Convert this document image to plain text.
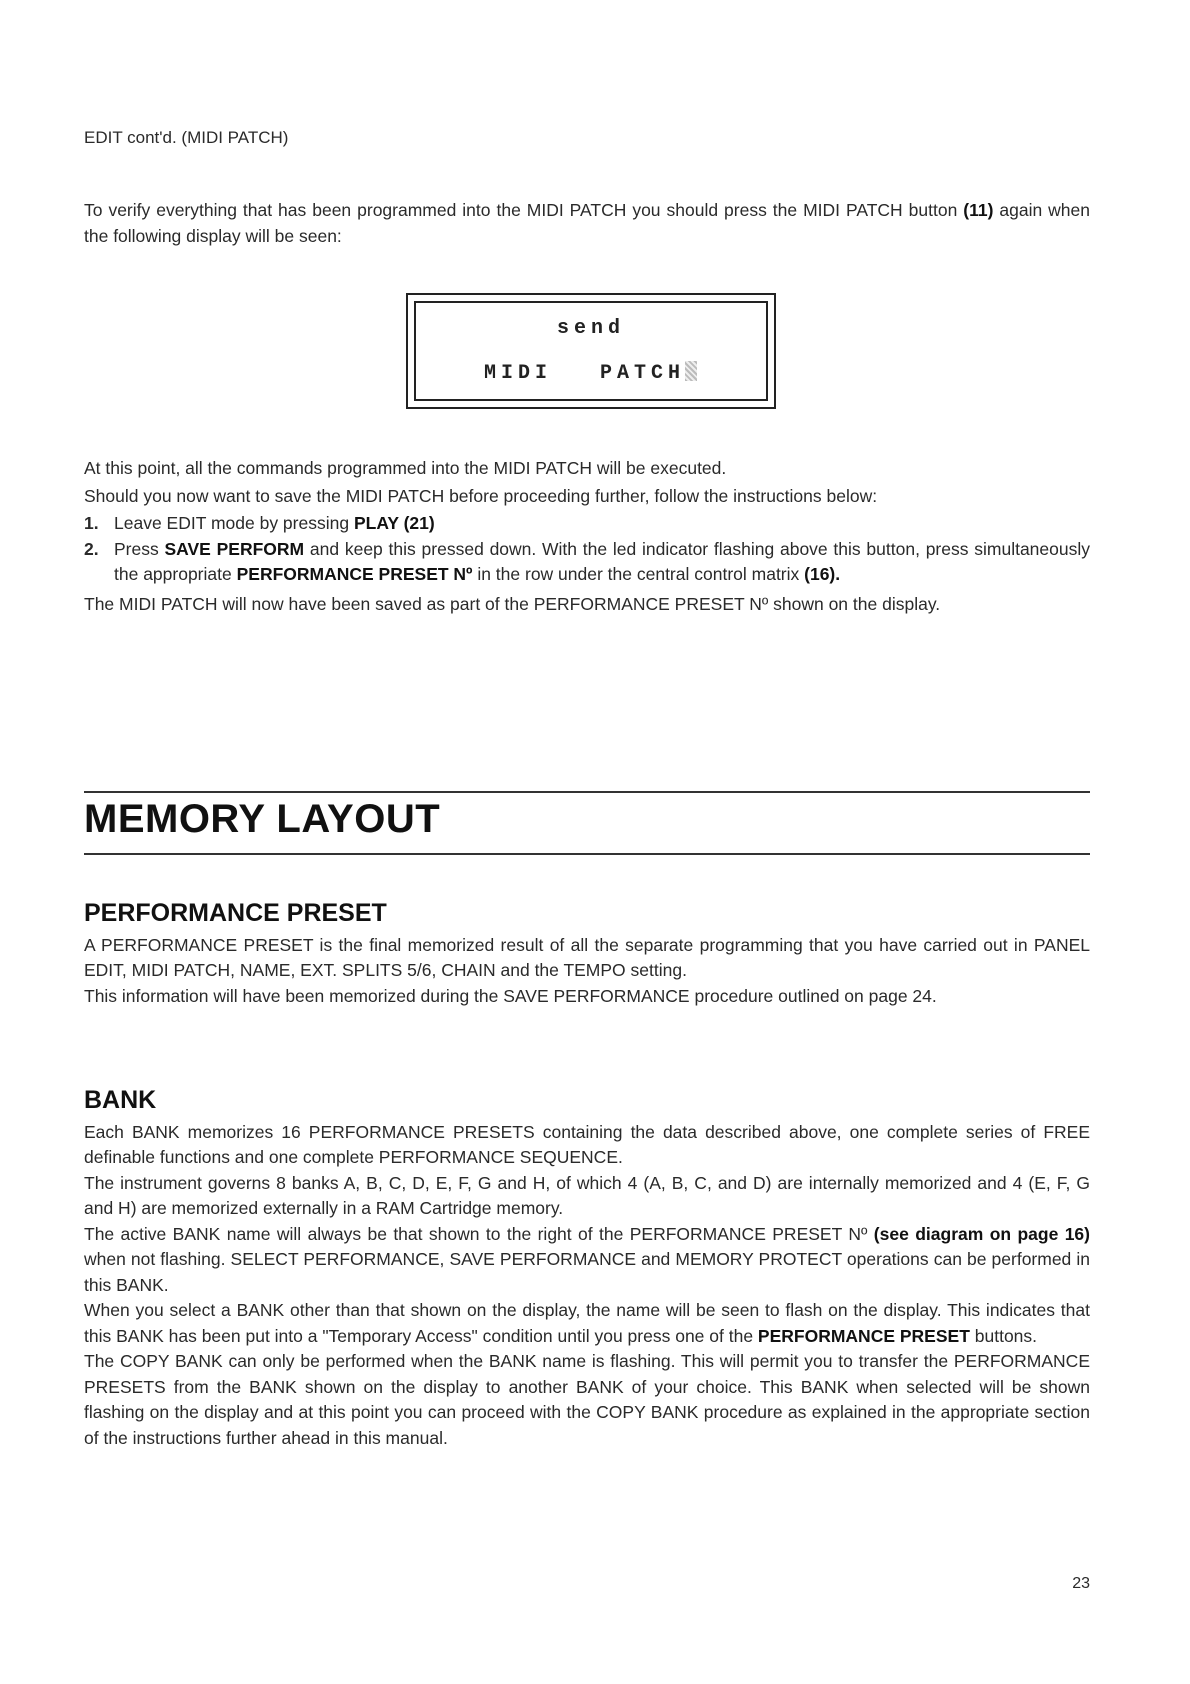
EDIT cont'd. (MIDI PATCH)

To verify everything that has been programmed into the MIDI PATCH you should press the MIDI PATCH button (11) again when the following display will be seen:

send
MIDI PATCH

At this point, all the commands programmed into the MIDI PATCH will be executed.

Should you now want to save the MIDI PATCH before proceeding further, follow the instructions below:

1. Leave EDIT mode by pressing PLAY (21)
2. Press SAVE PERFORM and keep this pressed down. With the led indicator flashing above this button, press simultaneously the appropriate PERFORMANCE PRESET Nº in the row under the central control matrix (16).

The MIDI PATCH will now have been saved as part of the PERFORMANCE PRESET Nº shown on the display.

MEMORY LAYOUT
PERFORMANCE PRESET

A PERFORMANCE PRESET is the final memorized result of all the separate programming that you have carried out in PANEL EDIT, MIDI PATCH, NAME, EXT. SPLITS 5/6, CHAIN and the TEMPO setting.

This information will have been memorized during the SAVE PERFORMANCE procedure outlined on page 24.

BANK

Each BANK memorizes 16 PERFORMANCE PRESETS containing the data described above, one complete series of FREE definable functions and one complete PERFORMANCE SEQUENCE.

The instrument governs 8 banks A, B, C, D, E, F, G and H, of which 4 (A, B, C, and D) are internally memorized and 4 (E, F, G and H) are memorized externally in a RAM Cartridge memory.

The active BANK name will always be that shown to the right of the PERFORMANCE PRESET Nº (see diagram on page 16) when not flashing. SELECT PERFORMANCE, SAVE PERFORMANCE and MEMORY PROTECT operations can be performed in this BANK.

When you select a BANK other than that shown on the display, the name will be seen to flash on the display. This indicates that this BANK has been put into a "Temporary Access" condition until you press one of the PERFORMANCE PRESET buttons.

The COPY BANK can only be performed when the BANK name is flashing. This will permit you to transfer the PERFORMANCE PRESETS from the BANK shown on the display to another BANK of your choice. This BANK when selected will be shown flashing on the display and at this point you can proceed with the COPY BANK procedure as explained in the appropriate section of the instructions further ahead in this manual.

23
